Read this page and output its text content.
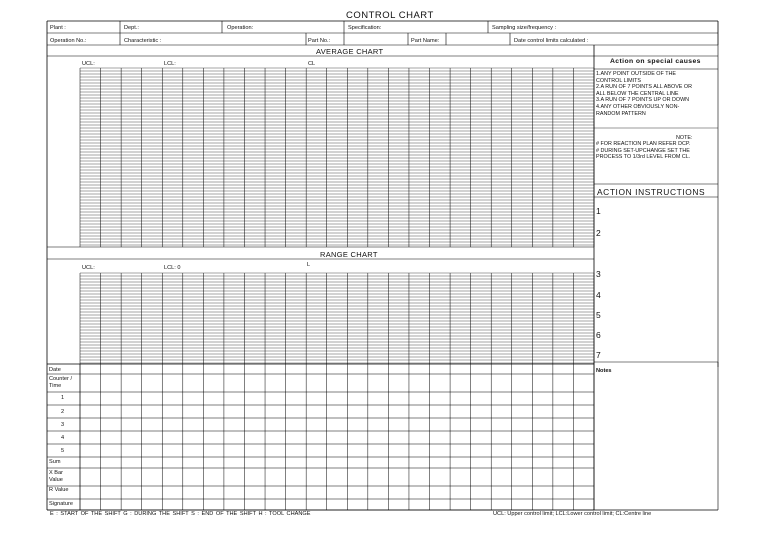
CONTROL CHART
Plant :	Dept.:	Operation:	Specification:	Sampling size/frequency :
Operation No.:	Characteristic :	Part No.:	Part Name:	Date control limits calculated :
AVERAGE CHART
UCL:	LCL:	CL
RANGE CHART
UCL:	LCL: 0	L
Action on special causes
1.ANY POINT OUTSIDE OF THE
CONTROL LIMITS
2.A RUN OF 7 POINTS ALL ABOVE OR
ALL BELOW THE CENTRAL LINE
3.A RUN OF 7 POINTS UP OR DOWN
4.ANY OTHER OBVIOUSLY NON-
RANDOM PATTERN
NOTE:
# FOR REACTION PLAN REFER DCP.
# DURING SET-UPCHANGE SET THE
PROCESS TO 1/3rd LEVEL FROM CL.
ACTION INSTRUCTIONS
1
2
3
4
5
6
7
Date
Counter / Time
1
2
3
4
5
Sum
X Bar Value
R Value
Signature
Notes
E : START OF THE SHIFT G : DURING THE SHIFT S : END OF THE SHIFT H : TOOL CHANGE	UCL: Upper control limit; LCL:Lower control limit; CL:Centre line
